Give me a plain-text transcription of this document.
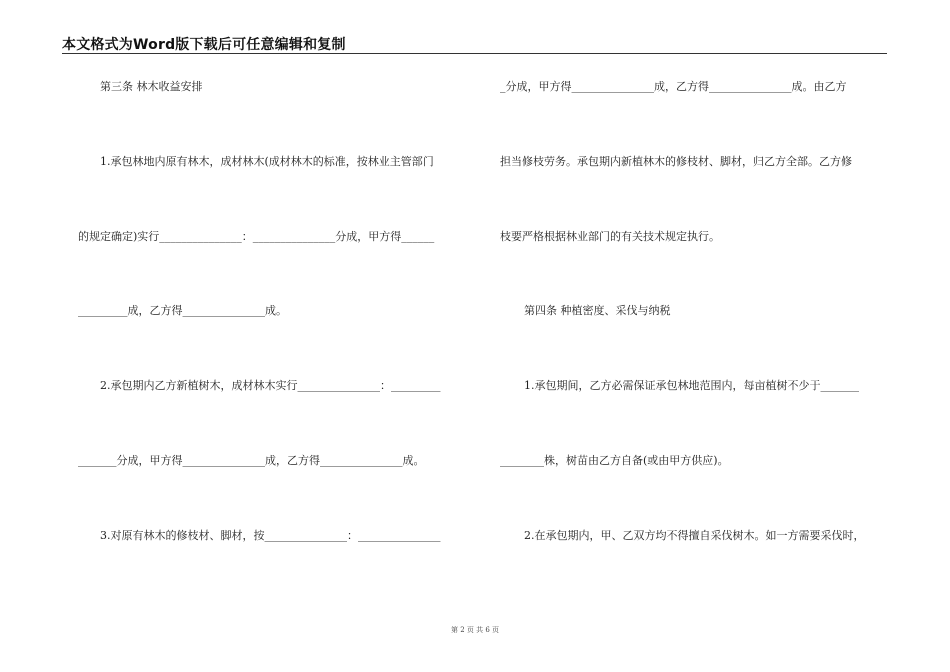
本文格式为Word版下载后可任意编辑和复制
第三条 林木收益安排
1.承包林地内原有林木，成材林木(成材林木的标准，按林业主管部门
的规定确定)实行_______________：_______________分成，甲方得______
_________成，乙方得_______________成。
2.承包期内乙方新植树木，成材林木实行_______________：_________
_______分成，甲方得_______________成，乙方得_______________成。
3.对原有林木的修枝材、脚材，按_______________：_______________
_分成，甲方得_______________成，乙方得_______________成。由乙方
担当修枝劳务。承包期内新植林木的修枝材、脚材，归乙方全部。乙方修
枝要严格根据林业部门的有关技术规定执行。
第四条 种植密度、采伐与纳税
1.承包期间，乙方必需保证承包林地范围内，每亩植树不少于_______
________株，树苗由乙方自备(或由甲方供应)。
2.在承包期内，甲、乙双方均不得擅自采伐树木。如一方需要采伐时，
第 2 页 共 6 页
